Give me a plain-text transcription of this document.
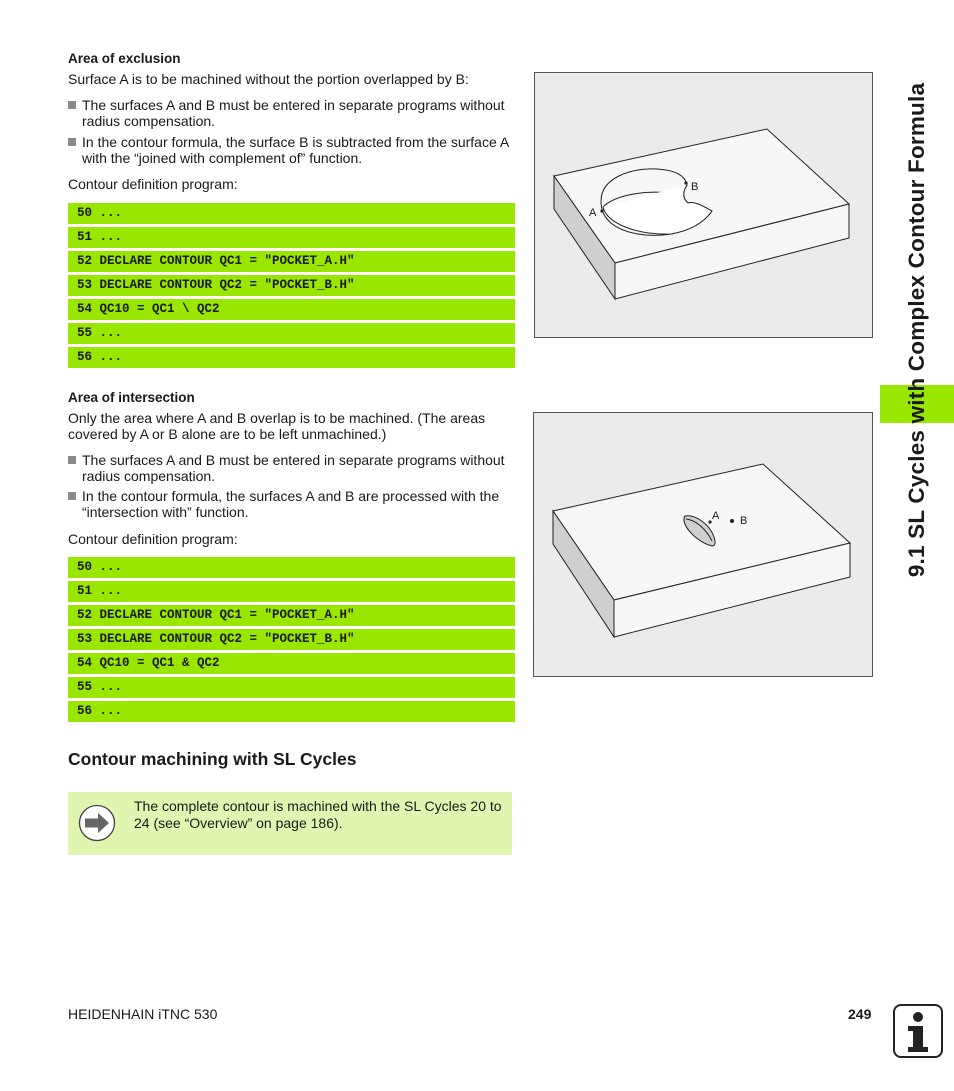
Area of exclusion
Surface A is to be machined without the portion overlapped by B:
The surfaces A and B must be entered in separate programs without radius compensation.
In the contour formula, the surface B is subtracted from the surface A with the “joined with complement of” function.
Contour definition program:
50 ...
51 ...
52 DECLARE CONTOUR QC1 = "POCKET_A.H"
53 DECLARE CONTOUR QC2 = "POCKET_B.H"
54 QC10 = QC1 \ QC2
55 ...
56 ...
B
A
Area of intersection
Only the area where A and B overlap is to be machined. (The areas covered by A or B alone are to be left unmachined.)
The surfaces A and B must be entered in separate programs without radius compensation.
In the contour formula, the surfaces A and B are processed with the “intersection with” function.
Contour definition program:
50 ...
51 ...
52 DECLARE CONTOUR QC1 = "POCKET_A.H"
53 DECLARE CONTOUR QC2 = "POCKET_B.H"
54 QC10 = QC1 & QC2
55 ...
56 ...
A B
Contour machining with SL Cycles
The complete contour is machined with the SL Cycles 20 to 24 (see “Overview” on page 186).
9.1 SL Cycles with Complex Contour Formula
HEIDENHAIN iTNC 530	249
